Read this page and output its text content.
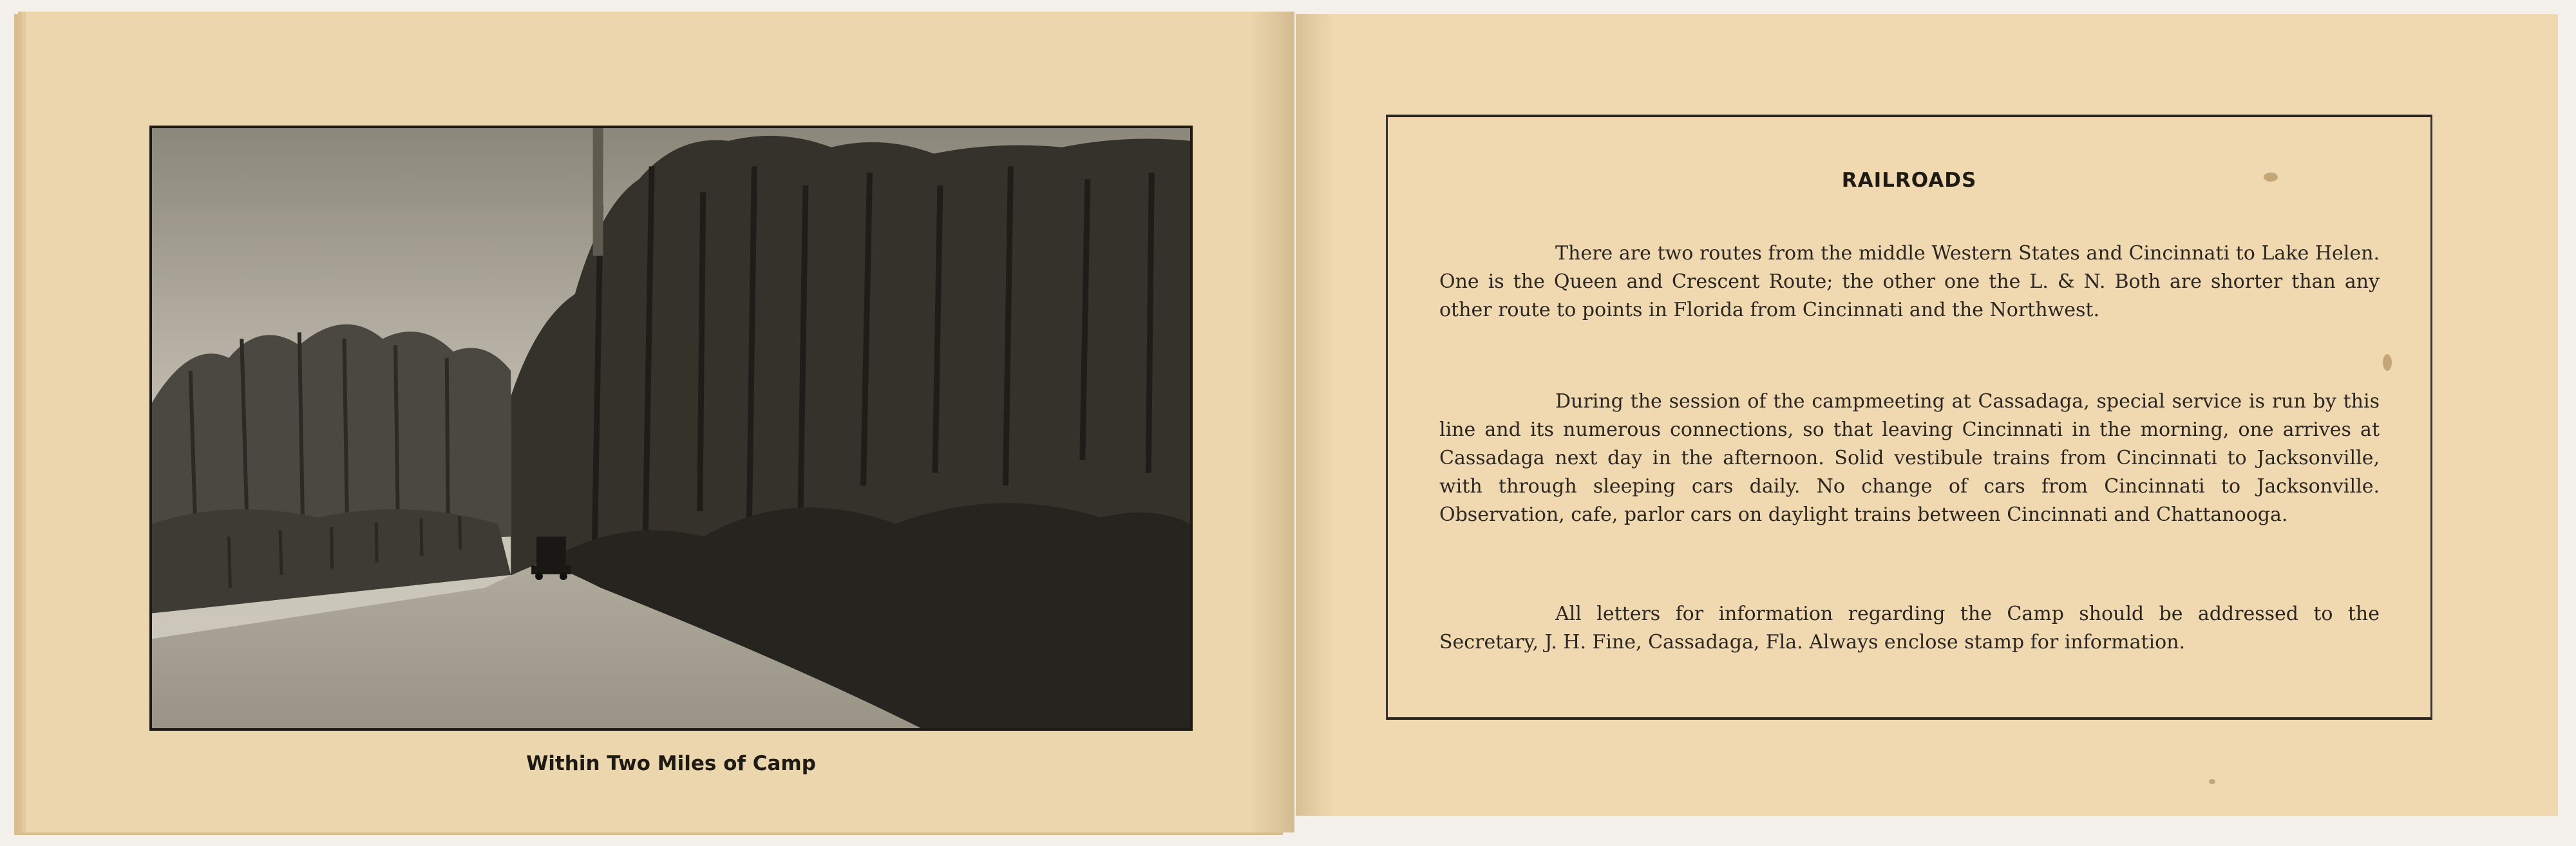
Within Two Miles of Camp
RAILROADS

There are two routes from the middle Western States and Cincinnati to Lake Helen. One is the Queen and Crescent Route; the other one the L. & N. Both are shorter than any other route to points in Florida from Cincinnati and the Northwest.

During the session of the campmeeting at Cassadaga, special service is run by this line and its numerous connections, so that leaving Cincinnati in the morning, one arrives at Cassadaga next day in the afternoon. Solid vestibule trains from Cincinnati to Jacksonville, with through sleeping cars daily. No change of cars from Cincinnati to Jacksonville. Observation, cafe, parlor cars on daylight trains between Cincinnati and Chattanooga.

All letters for information regarding the Camp should be addressed to the Secretary, J. H. Fine, Cassadaga, Fla. Always enclose stamp for information.
